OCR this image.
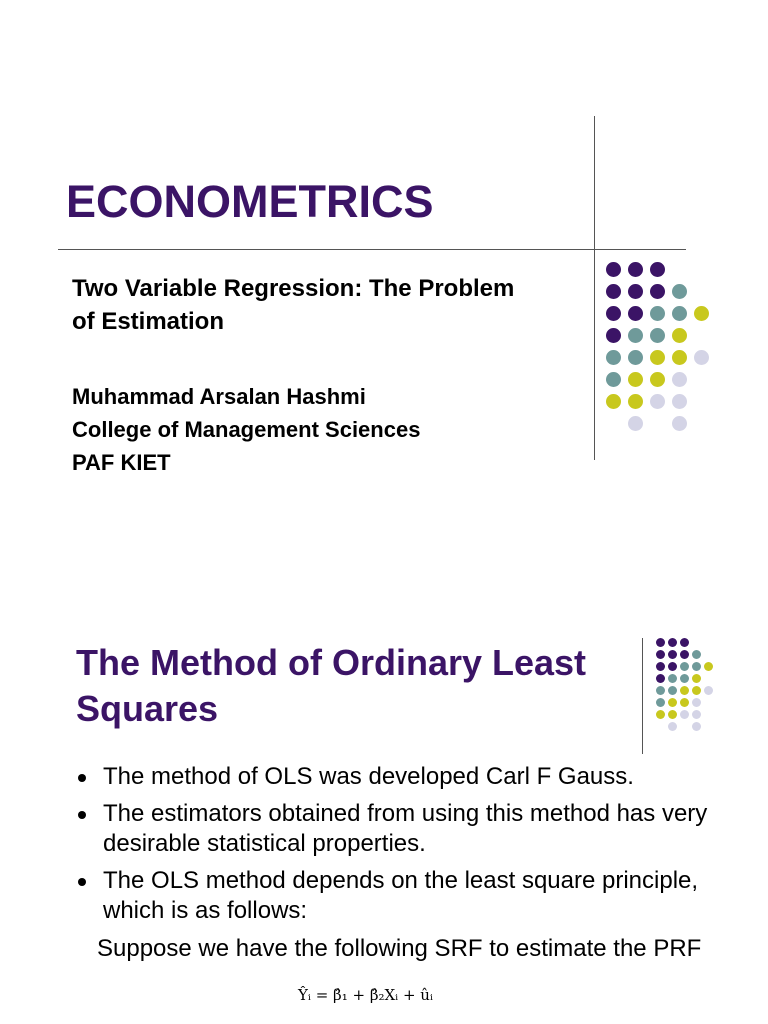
ECONOMETRICS
Two Variable Regression: The Problem of Estimation
Muhammad Arsalan Hashmi
College of Management Sciences
PAF KIET
The Method of Ordinary Least Squares
The method of OLS was developed Carl F Gauss.
The estimators obtained from using this method has very desirable statistical properties.
The OLS method depends on the least square principle, which is as follows:
Suppose we have the following SRF to estimate the PRF
Ŷᵢ = β̂₁ + β̂₂Xᵢ + ûᵢ
